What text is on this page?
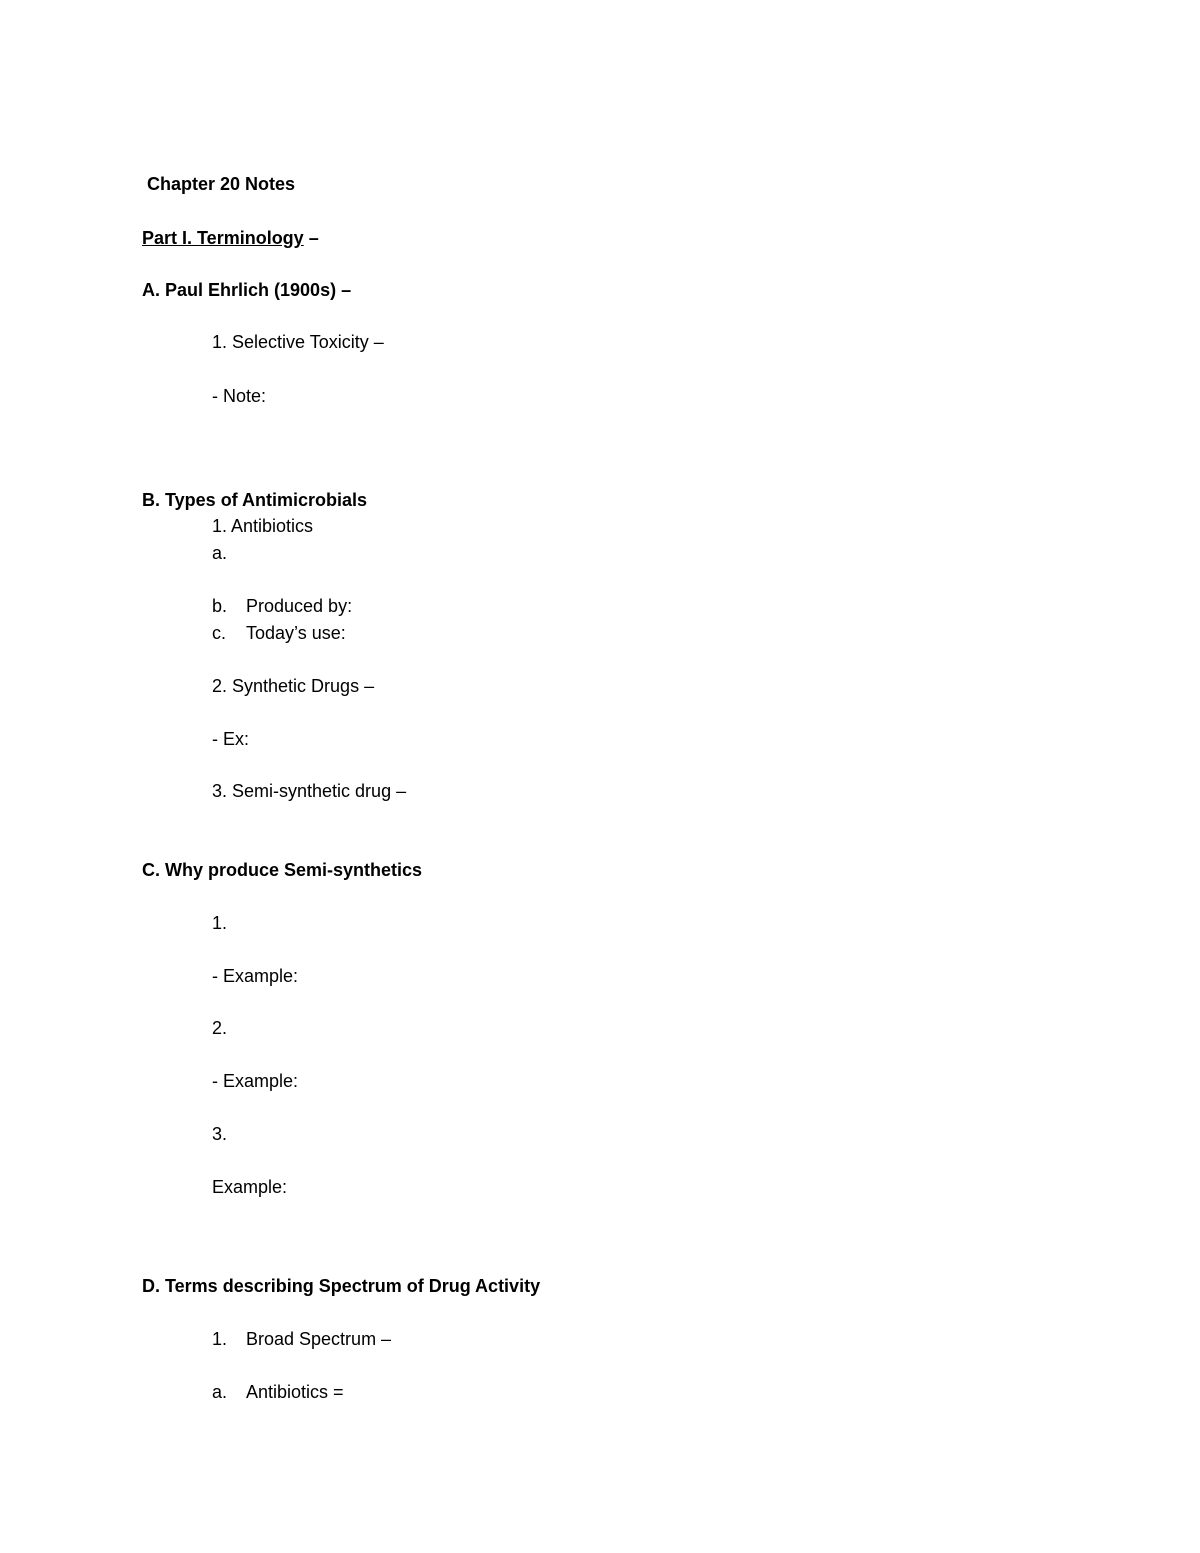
Chapter 20 Notes
Part I. Terminology –
A. Paul Ehrlich (1900s) –
1. Selective Toxicity –
- Note:
B. Types of Antimicrobials
1. Antibiotics
a.
b. Produced by:
c. Today’s use:
2. Synthetic Drugs –
- Ex:
3. Semi-synthetic drug –
C. Why produce Semi-synthetics
1.
- Example:
2.
- Example:
3.
Example:
D. Terms describing Spectrum of Drug Activity
1. Broad Spectrum –
a. Antibiotics =
